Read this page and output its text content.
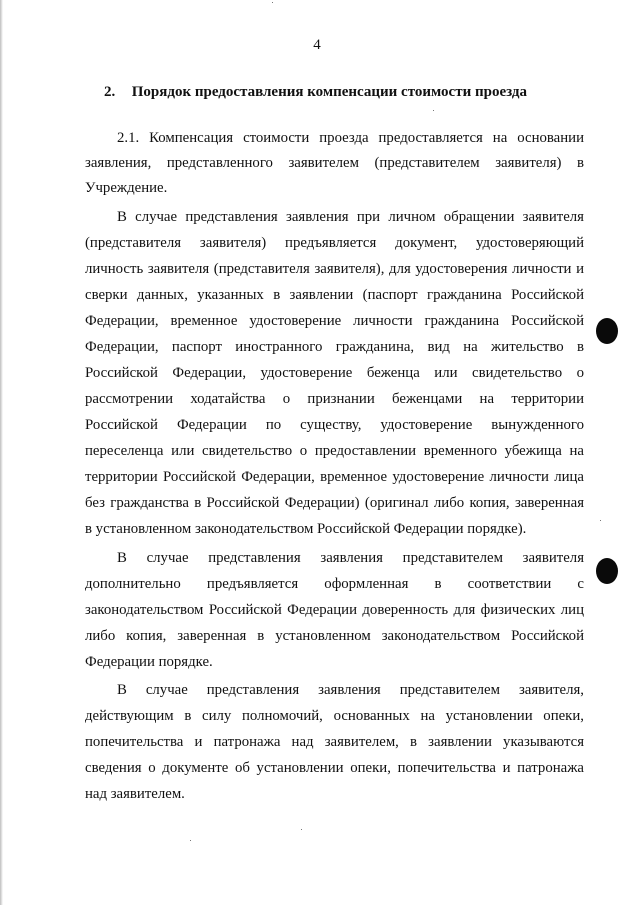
4
2. Порядок предоставления компенсации стоимости проезда
2.1. Компенсация стоимости проезда предоставляется на основании
заявления, представленного заявителем (представителем заявителя) в
Учреждение.
В случае представления заявления при личном обращении заявителя
(представителя заявителя) предъявляется документ, удостоверяющий
личность заявителя (представителя заявителя), для удостоверения личности и
сверки данных, указанных в заявлении (паспорт гражданина Российской
Федерации, временное удостоверение личности гражданина Российской
Федерации, паспорт иностранного гражданина, вид на жительство в
Российской Федерации, удостоверение беженца или свидетельство о
рассмотрении ходатайства о признании беженцами на территории
Российской Федерации по существу, удостоверение вынужденного
переселенца или свидетельство о предоставлении временного убежища на
территории Российской Федерации, временное удостоверение личности лица
без гражданства в Российской Федерации) (оригинал либо копия, заверенная
в установленном законодательством Российской Федерации порядке).
В случае представления заявления представителем заявителя
дополнительно предъявляется оформленная в соответствии с
законодательством Российской Федерации доверенность для физических лиц
либо копия, заверенная в установленном законодательством Российской
Федерации порядке.
В случае представления заявления представителем заявителя,
действующим в силу полномочий, основанных на установлении опеки,
попечительства и патронажа над заявителем, в заявлении указываются
сведения о документе об установлении опеки, попечительства и патронажа
над заявителем.
